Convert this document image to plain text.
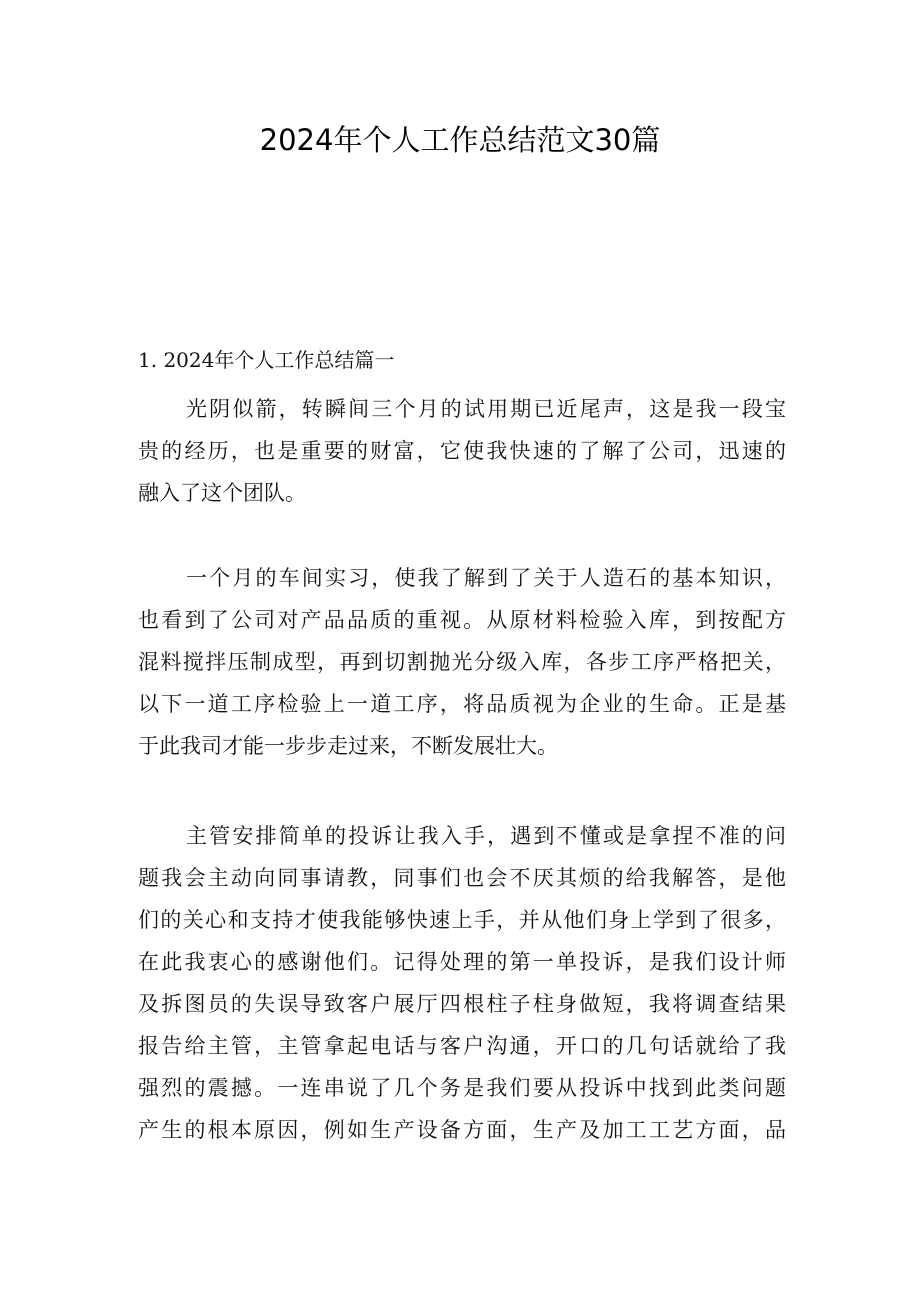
2024年个人工作总结范文30篇
1. 2024年个人工作总结篇一
光阴似箭，转瞬间三个月的试用期已近尾声，这是我一段宝
贵的经历，也是重要的财富，它使我快速的了解了公司，迅速的
融入了这个团队。
一个月的车间实习，使我了解到了关于人造石的基本知识，
也看到了公司对产品品质的重视。从原材料检验入库，到按配方
混料搅拌压制成型，再到切割抛光分级入库，各步工序严格把关，
以下一道工序检验上一道工序，将品质视为企业的生命。正是基
于此我司才能一步步走过来，不断发展壮大。
主管安排简单的投诉让我入手，遇到不懂或是拿捏不准的问
题我会主动向同事请教，同事们也会不厌其烦的给我解答，是他
们的关心和支持才使我能够快速上手，并从他们身上学到了很多，
在此我衷心的感谢他们。记得处理的第一单投诉，是我们设计师
及拆图员的失误导致客户展厅四根柱子柱身做短，我将调查结果
报告给主管，主管拿起电话与客户沟通，开口的几句话就给了我
强烈的震撼。一连串说了几个务是我们要从投诉中找到此类问题
产生的根本原因，例如生产设备方面，生产及加工工艺方面，品
